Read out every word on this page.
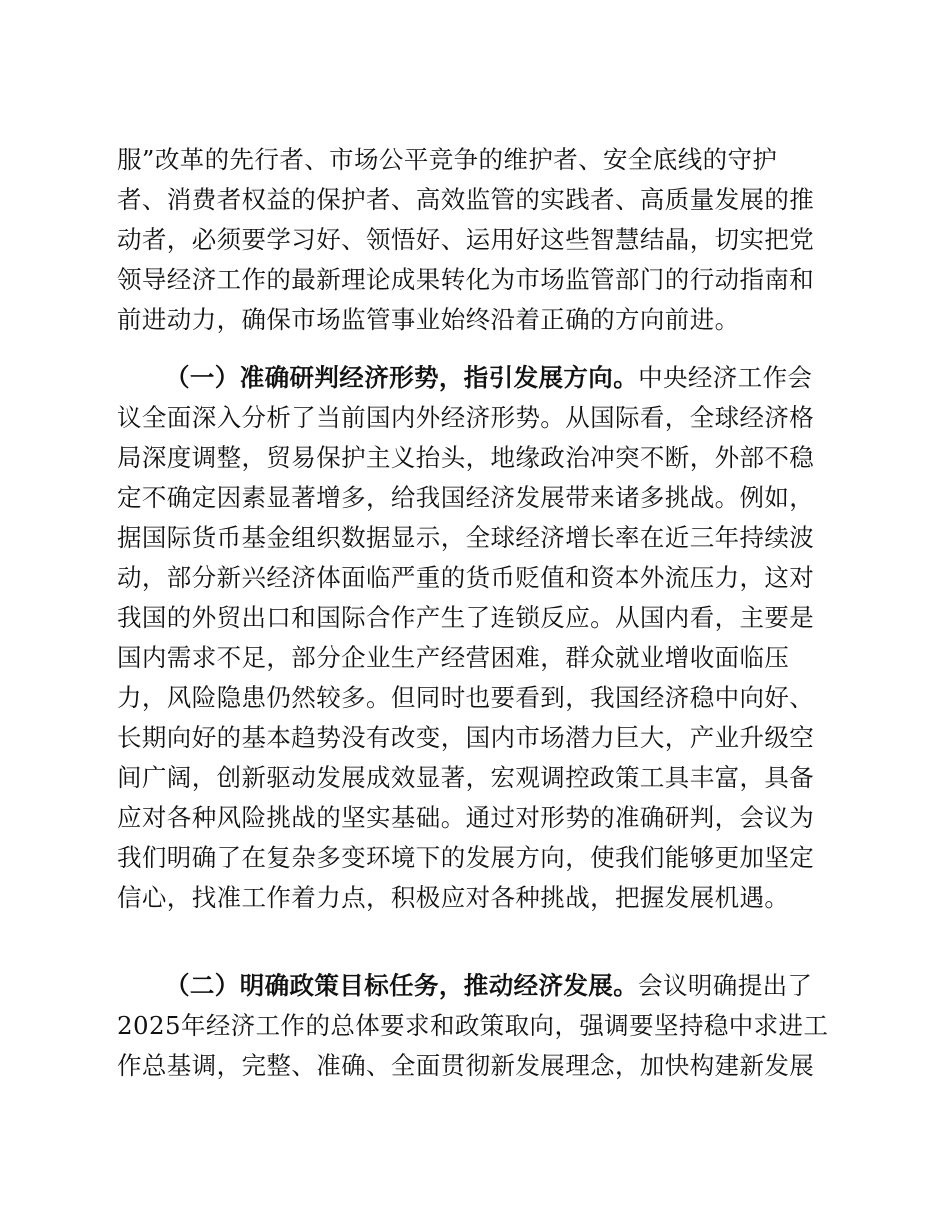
服”改革的先行者、市场公平竞争的维护者、安全底线的守护
者、消费者权益的保护者、高效监管的实践者、高质量发展的推
动者，必须要学习好、领悟好、运用好这些智慧结晶，切实把党
领导经济工作的最新理论成果转化为市场监管部门的行动指南和
前进动力，确保市场监管事业始终沿着正确的方向前进。
（一）准确研判经济形势，指引发展方向。中央经济工作会
议全面深入分析了当前国内外经济形势。从国际看，全球经济格
局深度调整，贸易保护主义抬头，地缘政治冲突不断，外部不稳
定不确定因素显著增多，给我国经济发展带来诸多挑战。例如，
据国际货币基金组织数据显示，全球经济增长率在近三年持续波
动，部分新兴经济体面临严重的货币贬值和资本外流压力，这对
我国的外贸出口和国际合作产生了连锁反应。从国内看，主要是
国内需求不足，部分企业生产经营困难，群众就业增收面临压
力，风险隐患仍然较多。但同时也要看到，我国经济稳中向好、
长期向好的基本趋势没有改变，国内市场潜力巨大，产业升级空
间广阔，创新驱动发展成效显著，宏观调控政策工具丰富，具备
应对各种风险挑战的坚实基础。通过对形势的准确研判，会议为
我们明确了在复杂多变环境下的发展方向，使我们能够更加坚定
信心，找准工作着力点，积极应对各种挑战，把握发展机遇。
（二）明确政策目标任务，推动经济发展。会议明确提出了
2025年经济工作的总体要求和政策取向，强调要坚持稳中求进工
作总基调，完整、准确、全面贯彻新发展理念，加快构建新发展
